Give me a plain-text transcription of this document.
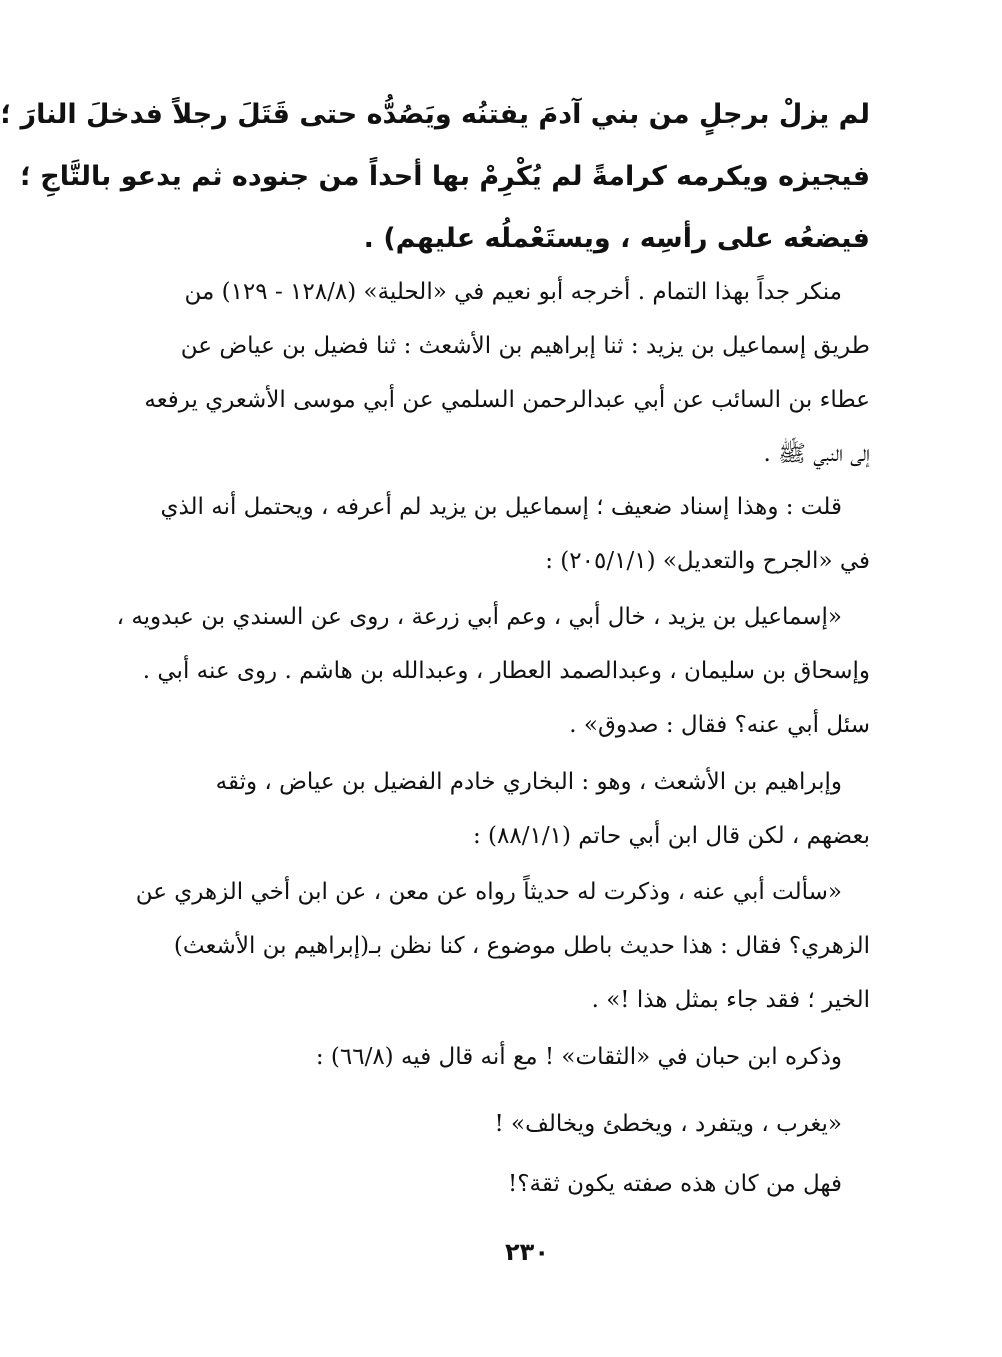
لم يزلْ برجلٍ من بني آدمَ يفتنُه ويَصُدُّه حتى قَتَلَ رجلاً فدخلَ النارَ ؛
فيجيزه ويكرمه كرامةً لم يُكْرِمْ بها أحداً من جنوده ثم يدعو بالتَّاجِ ؛
فيضعُه على رأسِه ، ويستَعْملُه عليهم) .
منكر جداً بهذا التمام . أخرجه أبو نعيم في «الحلية» (١٢٨/٨ - ١٢٩) من
طريق إسماعيل بن يزيد : ثنا إبراهيم بن الأشعث : ثنا فضيل بن عياض عن
عطاء بن السائب عن أبي عبدالرحمن السلمي عن أبي موسى الأشعري يرفعه
إلى النبي ﷺ .
قلت : وهذا إسناد ضعيف ؛ إسماعيل بن يزيد لم أعرفه ، ويحتمل أنه الذي
في «الجرح والتعديل» (٢٠٥/١/١) :
«إسماعيل بن يزيد ، خال أبي ، وعم أبي زرعة ، روى عن السندي بن عبدويه ،
وإسحاق بن سليمان ، وعبدالصمد العطار ، وعبدالله بن هاشم . روى عنه أبي .
سئل أبي عنه؟ فقال : صدوق» .
وإبراهيم بن الأشعث ، وهو : البخاري خادم الفضيل بن عياض ، وثقه
بعضهم ، لكن قال ابن أبي حاتم (٨٨/١/١) :
«سألت أبي عنه ، وذكرت له حديثاً رواه عن معن ، عن ابن أخي الزهري عن
الزهري؟ فقال : هذا حديث باطل موضوع ، كنا نظن بـ(إبراهيم بن الأشعث)
الخير ؛ فقد جاء بمثل هذا !» .
وذكره ابن حبان في «الثقات» ! مع أنه قال فيه (٦٦/٨) :
«يغرب ، ويتفرد ، ويخطئ ويخالف» !
فهل من كان هذه صفته يكون ثقة؟!
٢٣٠
